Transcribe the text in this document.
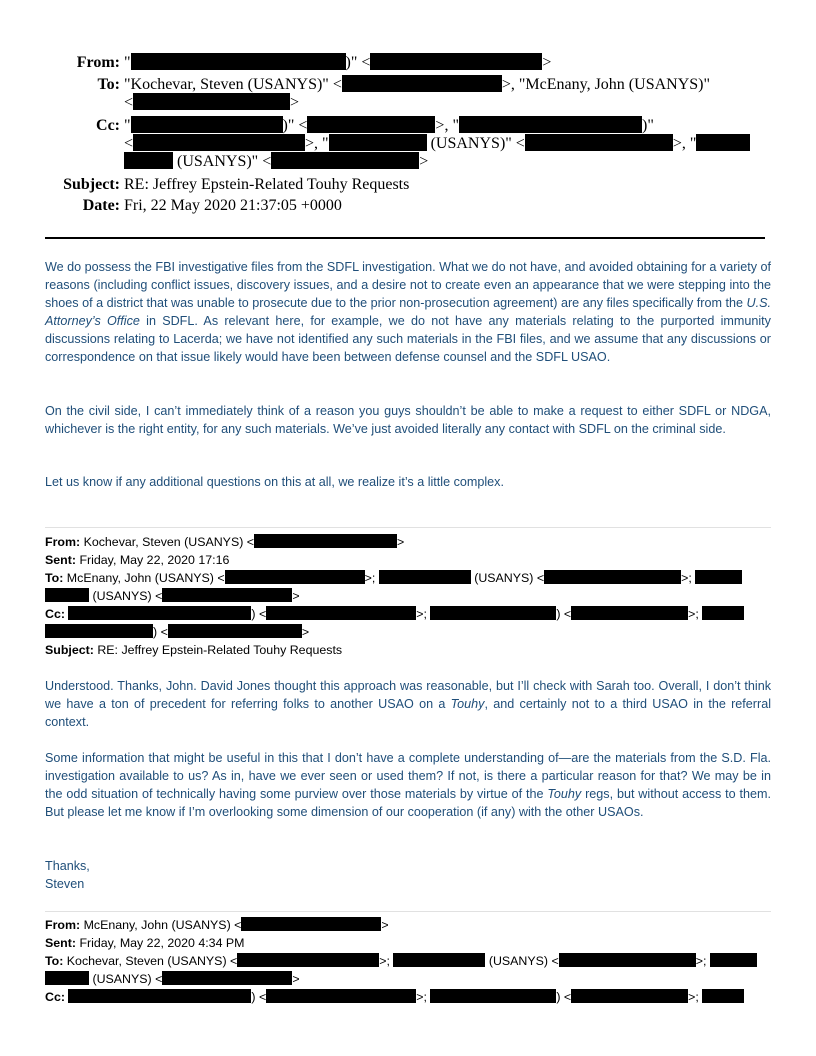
From: "	)" <	>
To: "Kochevar, Steven (USANYS)" <	>, "McEnany, John (USANYS)"
<	>
Cc: "	)" <	>, "	)"
<	>, "	(USANYS)" <	>, "
(USANYS)" <	>
Subject: RE: Jeffrey Epstein-Related Touhy Requests
Date: Fri, 22 May 2020 21:37:05 +0000

We do possess the FBI investigative files from the SDFL investigation. What we do not have, and avoided obtaining for a variety of reasons (including conflict issues, discovery issues, and a desire not to create even an appearance that we were stepping into the shoes of a district that was unable to prosecute due to the prior non-prosecution agreement) are any files specifically from the U.S. Attorney’s Office in SDFL. As relevant here, for example, we do not have any materials relating to the purported immunity discussions relating to Lacerda; we have not identified any such materials in the FBI files, and we assume that any discussions or correspondence on that issue likely would have been between defense counsel and the SDFL USAO.

On the civil side, I can’t immediately think of a reason you guys shouldn’t be able to make a request to either SDFL or NDGA, whichever is the right entity, for any such materials. We’ve just avoided literally any contact with SDFL on the criminal side.

Let us know if any additional questions on this at all, we realize it’s a little complex.

From: Kochevar, Steven (USANYS) <	>
Sent: Friday, May 22, 2020 17:16
To: McEnany, John (USANYS) <	>;	(USANYS) <	>;
(USANYS) <	>
Cc:	) <	>;	) <	>;
) <	>
Subject: RE: Jeffrey Epstein-Related Touhy Requests

Understood. Thanks, John. David Jones thought this approach was reasonable, but I’ll check with Sarah too. Overall, I don’t think we have a ton of precedent for referring folks to another USAO on a Touhy, and certainly not to a third USAO in the referral context.

Some information that might be useful in this that I don’t have a complete understanding of—are the materials from the S.D. Fla. investigation available to us? As in, have we ever seen or used them? If not, is there a particular reason for that? We may be in the odd situation of technically having some purview over those materials by virtue of the Touhy regs, but without access to them. But please let me know if I’m overlooking some dimension of our cooperation (if any) with the other USAOs.

Thanks,

Steven

From: McEnany, John (USANYS) <	>
Sent: Friday, May 22, 2020 4:34 PM
To: Kochevar, Steven (USANYS) <	>;	(USANYS) <	>;
(USANYS) <	>
Cc:	) <	>;	) <	>;
